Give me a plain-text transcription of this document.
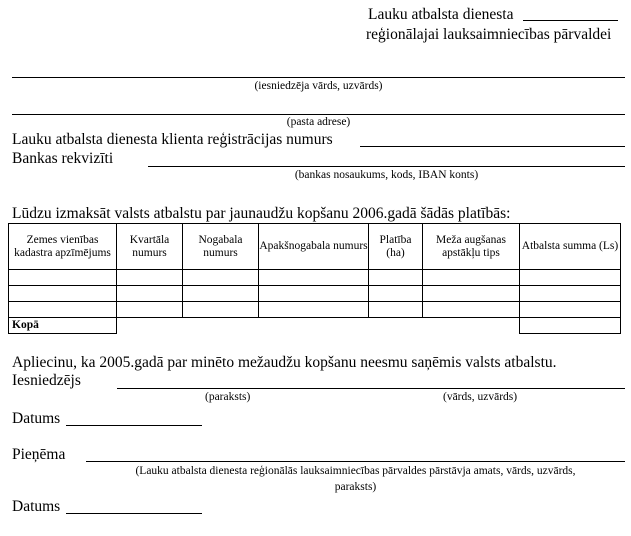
Lauku atbalsta dienesta
reģionālajai lauksaimniecības pārvaldei
(iesniedzēja vārds, uzvārds)
(pasta adrese)
Lauku atbalsta dienesta klienta reģistrācijas numurs
Bankas rekvizīti
(bankas nosaukums, kods, IBAN konts)
Lūdzu izmaksāt valsts atbalstu par jaunaudžu kopšanu 2006.gadā šādās platībās:
Zemes vienības kadastra apzīmējums	Kvartāla numurs	Nogabala numurs	Apakšnogabala numurs	Platība (ha)	Meža augšanas apstākļu tips	Atbalsta summa (Ls)

Kopā						
Apliecinu, ka 2005.gadā par minēto mežaudžu kopšanu neesmu saņēmis valsts atbalstu.
Iesniedzējs
(paraksts)	(vārds, uzvārds)
Datums
Pieņēma
(Lauku atbalsta dienesta reģionālās lauksaimniecības pārvaldes pārstāvja amats, vārds, uzvārds,
paraksts)
Datums
